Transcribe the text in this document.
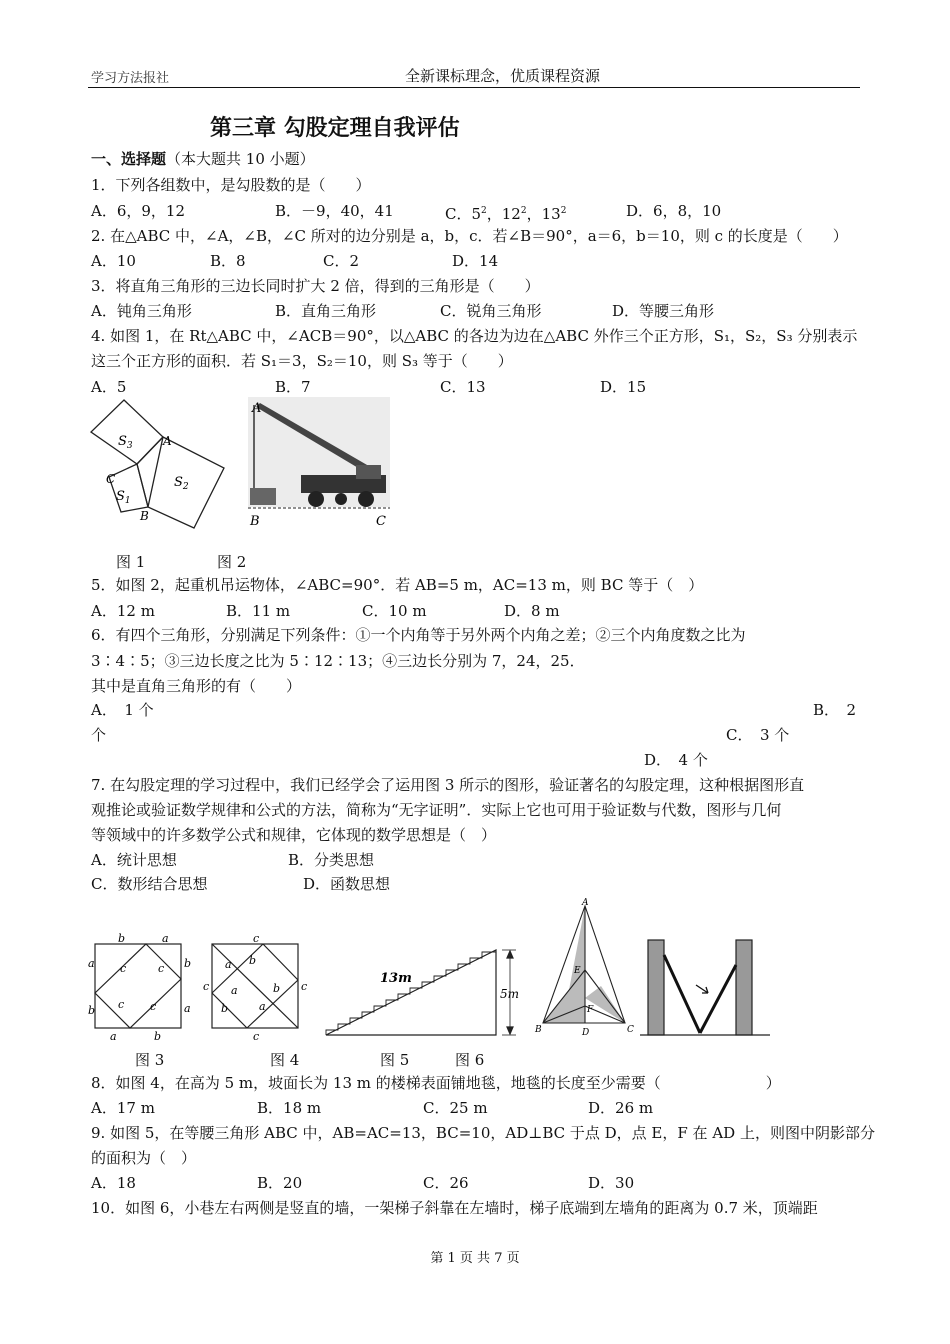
学习方法报社	全新课标理念，优质课程资源
第三章 勾股定理自我评估
一、选择题（本大题共 10 小题）
1．下列各组数中，是勾股数的是（　　）
A．6，9，12	B．－9，40，41	C．$5^2$，$12^2$，$13^2$	D．6，8，10
2. 在△ABC 中，∠A，∠B，∠C 所对的边分别是 a，b，c．若∠B＝90°，a＝6，b＝10，则 c 的长度是（　　）
A．10	B．8	C．2	D．14
3．将直角三角形的三边长同时扩大 2 倍，得到的三角形是（　　）
A．钝角三角形	B．直角三角形	C．锐角三角形	D．等腰三角形
4. 如图 1，在 Rt△ABC 中，∠ACB＝90°，以△ABC 的各边为边在△ABC 外作三个正方形，S₁，S₂，S₃ 分别表示
这三个正方形的面积．若 S₁＝3，S₂＝10，则 S₃ 等于（　　）
A．5	B．7	C．13	D．15
$S_3$
$S_2$
$S_1$
A
C
B
A
B	C
图 1	图 2
5．如图 2，起重机吊运物体，∠ABC=90°．若 AB=5 m，AC=13 m，则 BC 等于（　）
A．12 m	B．11 m	C．10 m	D．8 m
6．有四个三角形，分别满足下列条件：①一个内角等于另外两个内角之差；②三个内角度数之比为
3∶4∶5；③三边长度之比为 5∶12∶13；④三边长分别为 7，24，25．
其中是直角三角形的有（　　）
A．　1 个	B．　2
个	C．　3 个
D．　4 个
7. 在勾股定理的学习过程中，我们已经学会了运用图 3 所示的图形，验证著名的勾股定理，这种根据图形直
观推论或验证数学规律和公式的方法，简称为“无字证明”．实际上它也可用于验证数与代数，图形与几何
等领域中的许多数学公式和规律，它体现的数学思想是（　）
A．统计思想	B．分类思想
C．数形结合思想	D．函数思想
b	a
a
b
b
a
a	b
c	c
c c
c
c	c
c
a b
b
a	b
a
13m
5m
A
B	C
D
E
F
图 3	图 4	图 5	图 6
8．如图 4，在高为 5 m，坡面长为 13 m 的楼梯表面铺地毯，地毯的长度至少需要（　　　　　　　）
A．17 m	B．18 m	C．25 m	D．26 m
9. 如图 5，在等腰三角形 ABC 中，AB=AC=13，BC=10，AD⊥BC 于点 D，点 E，F 在 AD 上，则图中阴影部分
的面积为（　）
A．18	B．20	C．26	D．30
10．如图 6，小巷左右两侧是竖直的墙，一架梯子斜靠在左墙时，梯子底端到左墙角的距离为 0.7 米，顶端距
第 1 页 共 7 页
